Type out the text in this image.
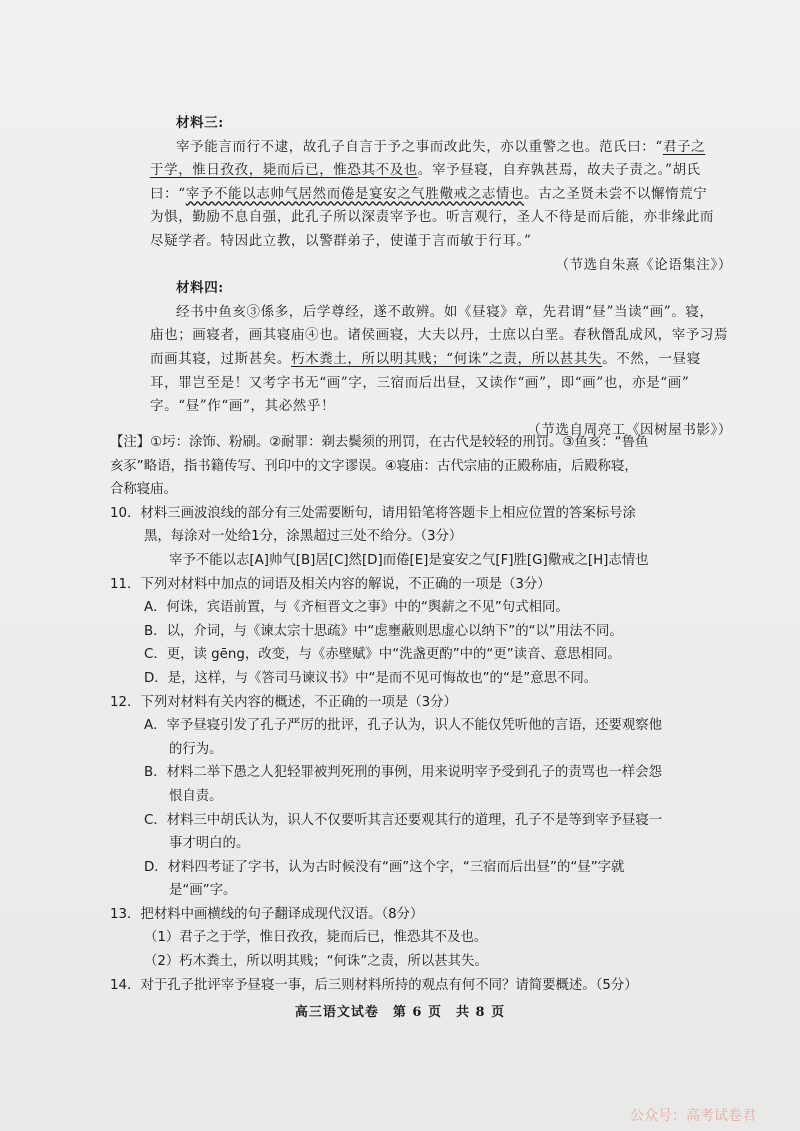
材料三:
宰予能言而行不逮，故孔子自言于予之事而改此失，亦以重警之也。范氏曰：“君子之
于学，惟日孜孜，毙而后已，惟恐其不及也。宰予昼寝，自弃孰甚焉，故夫子责之。”胡氏
曰：“宰予不能以志帅气居然而倦是宴安之气胜儆戒之志情也。古之圣贤未尝不以懈惰荒宁
为惧，勤励不息自强，此孔子所以深责宰予也。听言观行，圣人不待是而后能，亦非缘此而
尽疑学者。特因此立教，以警群弟子，使谨于言而敏于行耳。”
（节选自朱熹《论语集注》）
材料四:
经书中鱼亥③係多，后学尊经，遂不敢辨。如《昼寝》章，先君谓“昼”当读“画”。寝，
庙也；画寝者，画其寝庙④也。诸侯画寝，大夫以丹，士庶以白垩。春秋僭乱成风，宰予习焉
而画其寝，过斯甚矣。朽木粪土，所以明其贱；“何诛”之责，所以甚其失。不然，一昼寝
耳，罪岂至是！又考字书无“画”字，三宿而后出昼，又读作“画”，即“画”也，亦是“画”
字。“昼”作“画”，其必然乎！
（节选自周亮工《因树屋书影》）
【注】①圬：涂饰、粉刷。②耐罪：剃去鬓须的刑罚，在古代是较轻的刑罚。③鱼亥：“鲁鱼
亥豕”略语，指书籍传写、刊印中的文字谬误。④寝庙：古代宗庙的正殿称庙，后殿称寝，
合称寝庙。
10．材料三画波浪线的部分有三处需要断句，请用铅笔将答题卡上相应位置的答案标号涂
黑，每涂对一处给1分，涂黑超过三处不给分。（3分）
宰予不能以志[A]帅气[B]居[C]然[D]而倦[E]是宴安之气[F]胜[G]儆戒之[H]志情也
11．下列对材料中加点的词语及相关内容的解说，不正确的一项是（3分）
A．何诛，宾语前置，与《齐桓晋文之事》中的“舆薪之不见”句式相同。
B．以，介词，与《谏太宗十思疏》中“虑壅蔽则思虚心以纳下”的“以”用法不同。
C．更，读 gēng，改变，与《赤壁赋》中“洗盏更酌”中的“更”读音、意思相同。
D．是，这样，与《答司马谏议书》中“是而不见可悔故也”的“是”意思不同。
12．下列对材料有关内容的概述，不正确的一项是（3分）
A．宰予昼寝引发了孔子严厉的批评，孔子认为，识人不能仅凭听他的言语，还要观察他
的行为。
B．材料二举下愚之人犯轻罪被判死刑的事例，用来说明宰予受到孔子的责骂也一样会怨
恨自责。
C．材料三中胡氏认为，识人不仅要听其言还要观其行的道理，孔子不是等到宰予昼寝一
事才明白的。
D．材料四考证了字书，认为古时候没有“画”这个字，“三宿而后出昼”的“昼”字就
是“画”字。
13．把材料中画横线的句子翻译成现代汉语。（8分）
（1）君子之于学，惟日孜孜，毙而后已，惟恐其不及也。
（2）朽木粪土，所以明其贱；“何诛”之责，所以甚其失。
14．对于孔子批评宰予昼寝一事，后三则材料所持的观点有何不同？请简要概述。（5分）
高三语文试卷　第 6 页　共 8 页
公众号：高考试卷君
